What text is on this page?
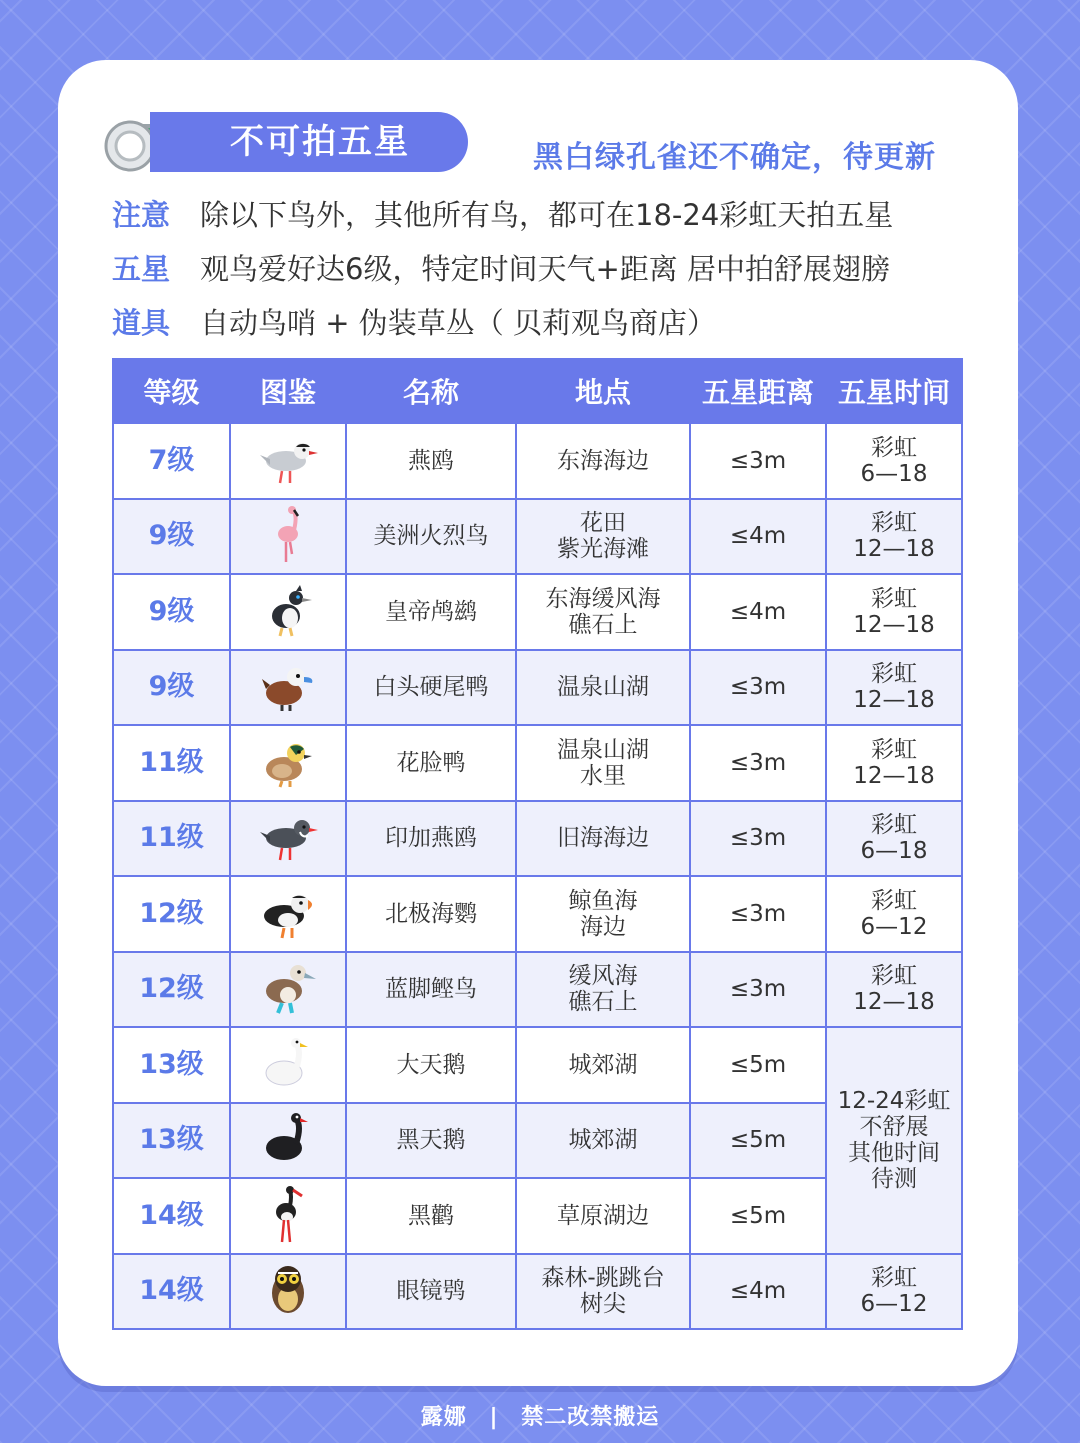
不可拍五星	黑白绿孔雀还不确定，待更新
注意 除以下鸟外，其他所有鸟，都可在18-24彩虹天拍五星
五星 观鸟爱好达6级，特定时间天气+距离 居中拍舒展翅膀
道具 自动鸟哨 + 伪装草丛（ 贝莉观鸟商店）
等级	图鉴	名称	地点	五星距离	五星时间
7级		燕鸥	东海海边	≤3m	彩虹
6—18

9级		美洲火烈鸟	花田
紫光海滩	≤4m	彩虹
12—18

9级		皇帝鸬鹚	东海缓风海
礁石上	≤4m	彩虹
12—18

9级		白头硬尾鸭	温泉山湖	≤3m	彩虹
12—18

11级		花脸鸭	温泉山湖
水里	≤3m	彩虹
12—18

11级		印加燕鸥	旧海海边	≤3m	彩虹
6—18

12级		北极海鹦	鲸鱼海
海边	≤3m	彩虹
6—12

12级		蓝脚鲣鸟	缓风海
礁石上	≤3m	彩虹
12—18

13级		大天鹅	城郊湖	≤5m	12-24彩虹
不舒展
其他时间
待测

13级		黑天鹅	城郊湖	≤5m	
14级		黑鹳	草原湖边	≤5m	
14级		眼镜鸮	森林-跳跳台
树尖	≤4m	彩虹
6—12
露娜 | 禁二改禁搬运
